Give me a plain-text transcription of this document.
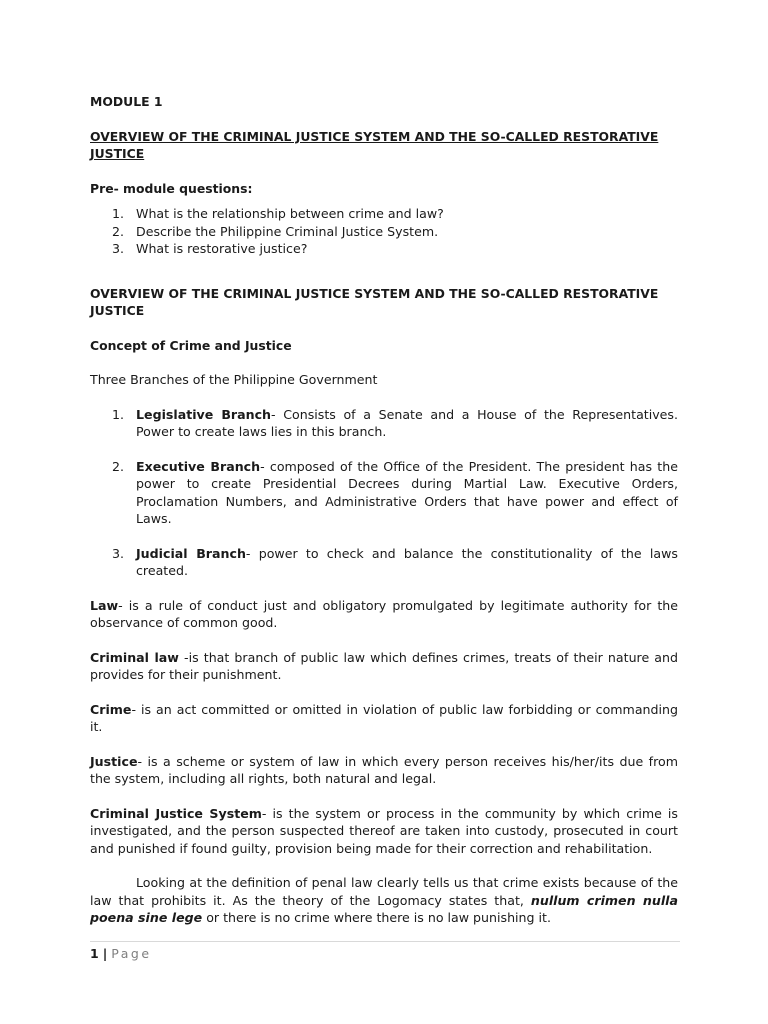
MODULE 1

OVERVIEW OF THE CRIMINAL JUSTICE SYSTEM AND THE SO-CALLED RESTORATIVE JUSTICE

Pre- module questions:

1. What is the relationship between crime and law?
2. Describe the Philippine Criminal Justice System.
3. What is restorative justice?

OVERVIEW OF THE CRIMINAL JUSTICE SYSTEM AND THE SO-CALLED RESTORATIVE JUSTICE

Concept of Crime and Justice

Three Branches of the Philippine Government

1. Legislative Branch- Consists of a Senate and a House of the Representatives. Power to create laws lies in this branch.
2. Executive Branch- composed of the Office of the President. The president has the power to create Presidential Decrees during Martial Law. Executive Orders, Proclamation Numbers, and Administrative Orders that have power and effect of Laws.
3. Judicial Branch- power to check and balance the constitutionality of the laws created.

Law- is a rule of conduct just and obligatory promulgated by legitimate authority for the observance of common good.

Criminal law -is that branch of public law which defines crimes, treats of their nature and provides for their punishment.

Crime- is an act committed or omitted in violation of public law forbidding or commanding it.

Justice- is a scheme or system of law in which every person receives his/her/its due from the system, including all rights, both natural and legal.

Criminal Justice System- is the system or process in the community by which crime is investigated, and the person suspected thereof are taken into custody, prosecuted in court and punished if found guilty, provision being made for their correction and rehabilitation.

Looking at the definition of penal law clearly tells us that crime exists because of the law that prohibits it. As the theory of the Logomacy states that, nullum crimen nulla poena sine lege or there is no crime where there is no law punishing it.

1 | Page
